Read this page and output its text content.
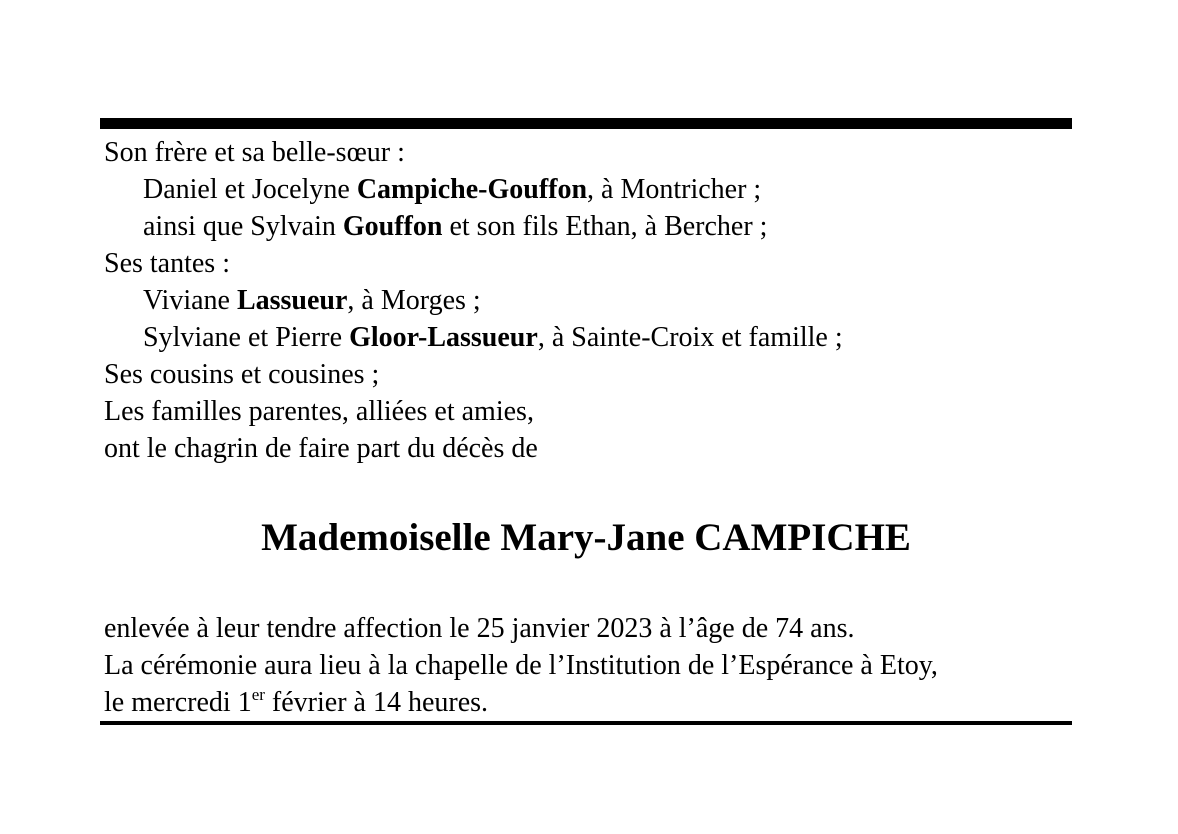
Son frère et sa belle-sœur :
Daniel et Jocelyne Campiche-Gouffon, à Montricher ;
ainsi que Sylvain Gouffon et son fils Ethan, à Bercher ;
Ses tantes :
Viviane Lassueur, à Morges ;
Sylviane et Pierre Gloor-Lassueur, à Sainte-Croix et famille ;
Ses cousins et cousines ;
Les familles parentes, alliées et amies,
ont le chagrin de faire part du décès de
Mademoiselle Mary-Jane CAMPICHE
enlevée à leur tendre affection le 25 janvier 2023 à l’âge de 74 ans.
La cérémonie aura lieu à la chapelle de l’Institution de l’Espérance à Etoy,
le mercredi 1er février à 14 heures.
